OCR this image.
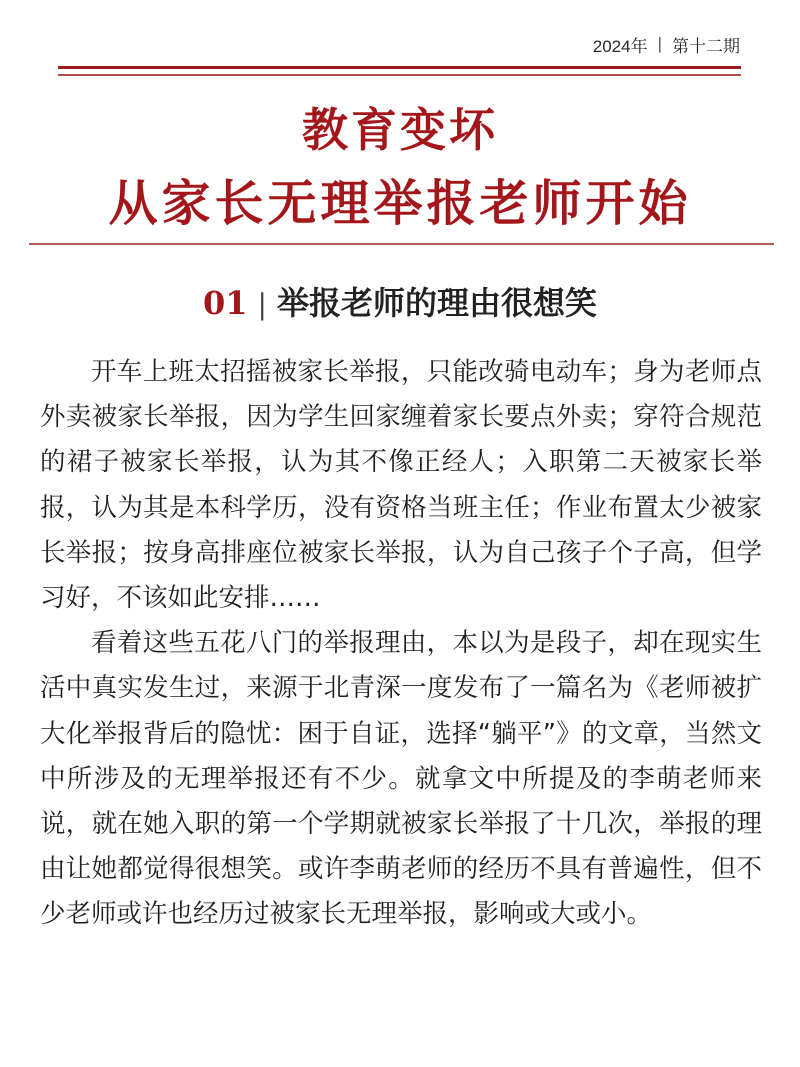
2024年 | 第十二期
教育变坏
从家长无理举报老师开始
01 | 举报老师的理由很想笑

开车上班太招摇被家长举报，只能改骑电动车；身为老师点外卖被家长举报，因为学生回家缠着家长要点外卖；穿符合规范的裙子被家长举报，认为其不像正经人；入职第二天被家长举报，认为其是本科学历，没有资格当班主任；作业布置太少被家长举报；按身高排座位被家长举报，认为自己孩子个子高，但学习好，不该如此安排……

看着这些五花八门的举报理由，本以为是段子，却在现实生活中真实发生过，来源于北青深一度发布了一篇名为《老师被扩大化举报背后的隐忧：困于自证，选择“躺平”》的文章，当然文中所涉及的无理举报还有不少。就拿文中所提及的李萌老师来说，就在她入职的第一个学期就被家长举报了十几次，举报的理由让她都觉得很想笑。或许李萌老师的经历不具有普遍性，但不少老师或许也经历过被家长无理举报，影响或大或小。
